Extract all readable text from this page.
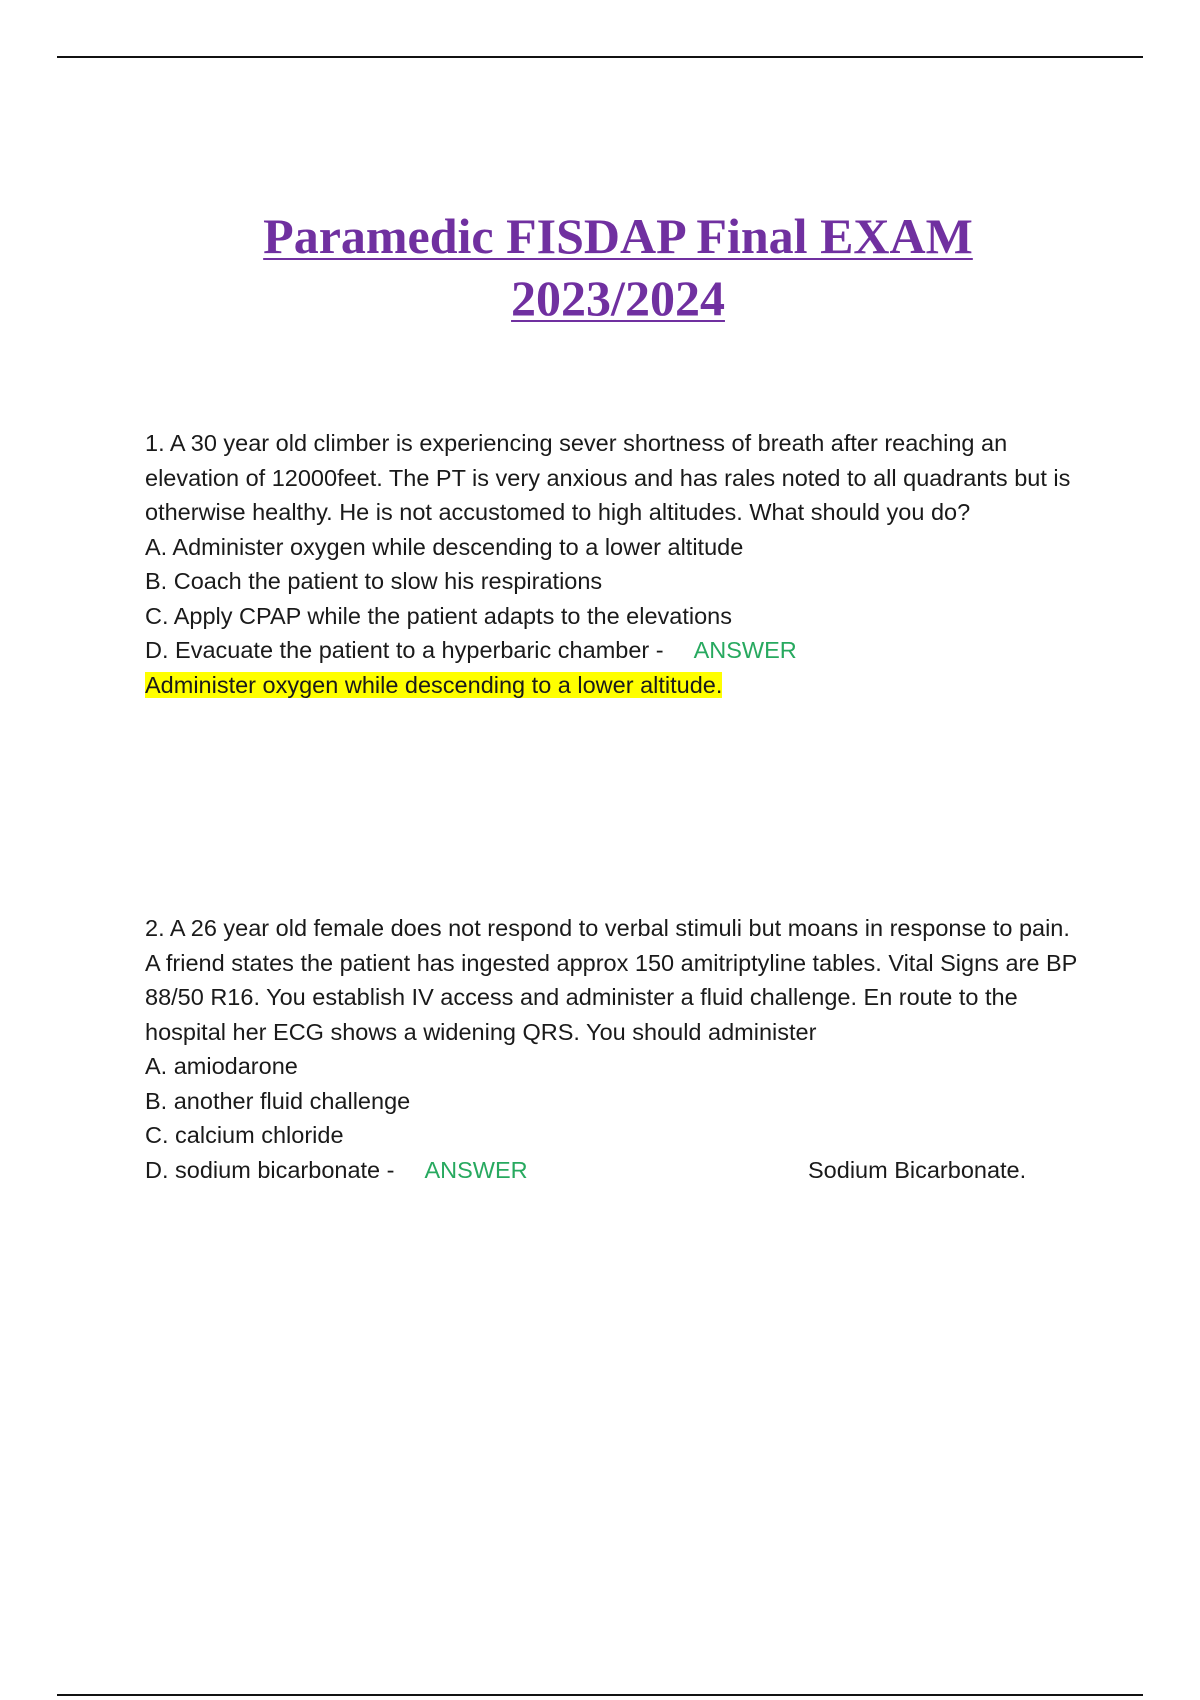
Paramedic FISDAP Final EXAM
2023/2024
1. A 30 year old climber is experiencing sever shortness of breath after reaching an elevation of 12000feet. The PT is very anxious and has rales noted to all quadrants but is otherwise healthy. He is not accustomed to high altitudes. What should you do?
A. Administer oxygen while descending to a lower altitude
B. Coach the patient to slow his respirations
C. Apply CPAP while the patient adapts to the elevations
D. Evacuate the patient to a hyperbaric chamber - ANSWER
Administer oxygen while descending to a lower altitude.
2. A 26 year old female does not respond to verbal stimuli but moans in response to pain. A friend states the patient has ingested approx 150 amitriptyline tables. Vital Signs are BP 88/50 R16. You establish IV access and administer a fluid challenge. En route to the hospital her ECG shows a widening QRS. You should administer
A. amiodarone
B. another fluid challenge
C. calcium chloride
D. sodium bicarbonate - ANSWER	Sodium Bicarbonate.
